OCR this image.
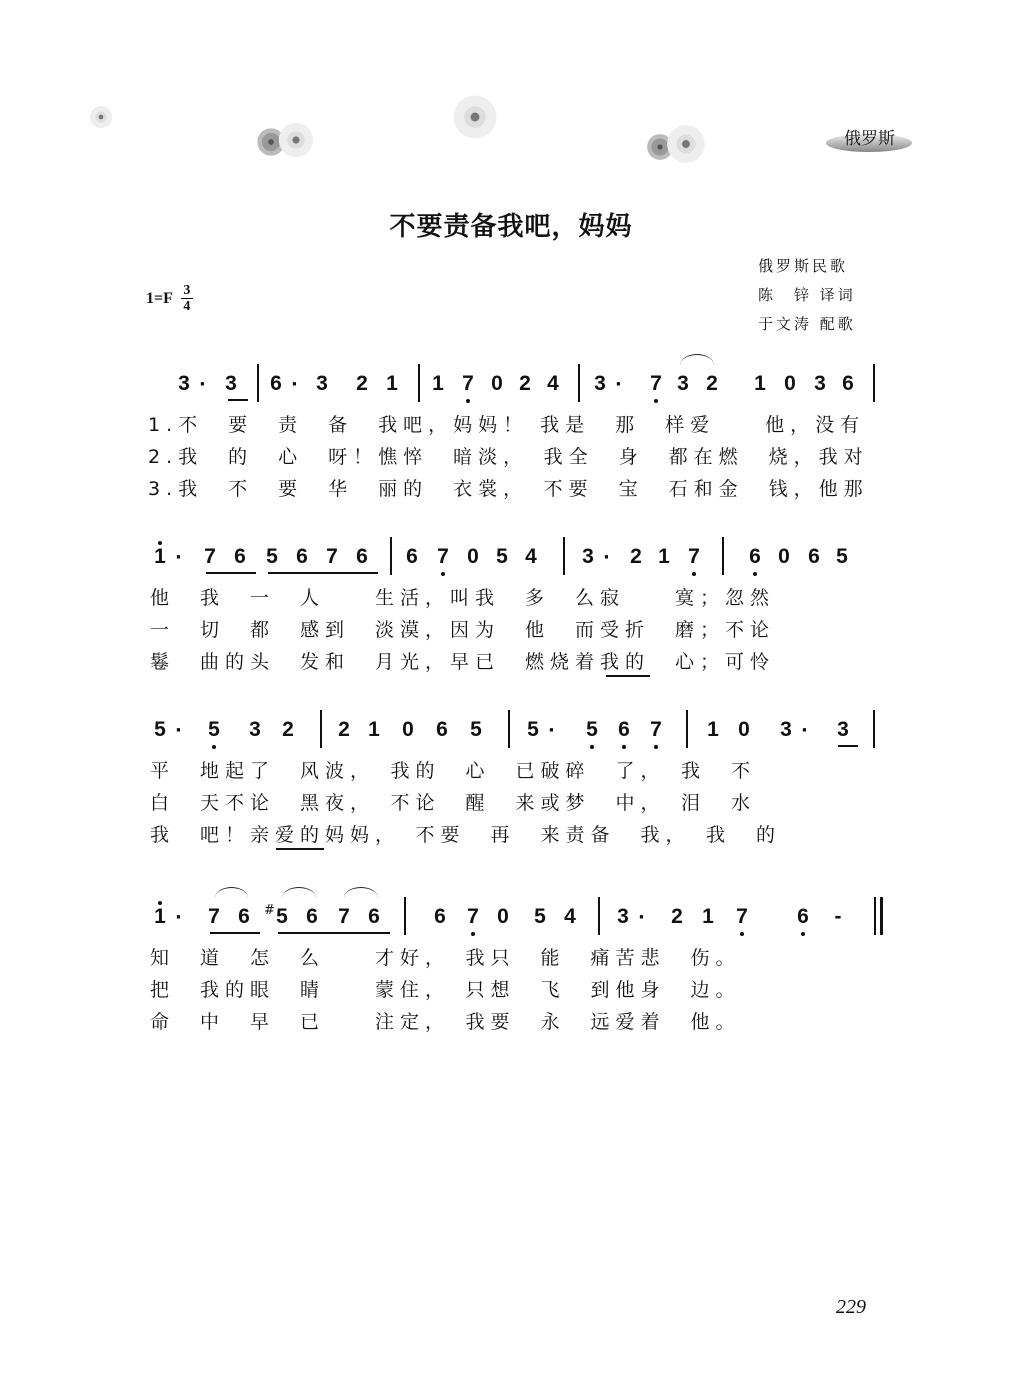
俄罗斯
不要责备我吧，妈妈
俄罗斯民歌
陈　锌 译词
于文涛 配歌
$1=F \frac{3}{4}$
3 · 3 6 · 3 2 1 1 7 0 2 4 3 · 7 3 2 1 0 3 6
1.不　要　责　备　我吧，妈妈！ 我是　那　样爱　　他，没有
2.我　的　心　呀！憔悴　暗淡，　我全　身　都在燃　烧，我对
3.我　不　要　华　丽的　衣裳，　不要　宝　石和金　钱，他那
1 · 7 6 5 6 7 6 6 7 0 5 4 3 · 2 1 7 6 0 6 5
他　我　一　人　　生活，叫我　多　么寂　　寞；忽然
一　切　都　感到　淡漠，因为　他　而受折　磨；不论
鬈　曲的头　发和　月光，早已　燃烧着我的　心；可怜
5 · 5 3 2 2 1 0 6 5 5 · 5 6 7 1 0 3 · 3
平　地起了　风波，　我的　心　已破碎　了，　我　不
白　天不论　黑夜，　不论　醒　来或梦　中，　泪　水
我　吧！亲爱的妈妈，　不要　再　来责备　我，　我　的
1 · 7 6 5
# 6 7 6	6 7 0 5 4 3 · 2 1 7 6 -
知　道　怎　么　　才好，　我只　能　痛苦悲　伤。
把　我的眼　睛　　蒙住，　只想　飞　到他身　边。
命　中　早　已　　注定，　我要　永　远爱着　他。
229
